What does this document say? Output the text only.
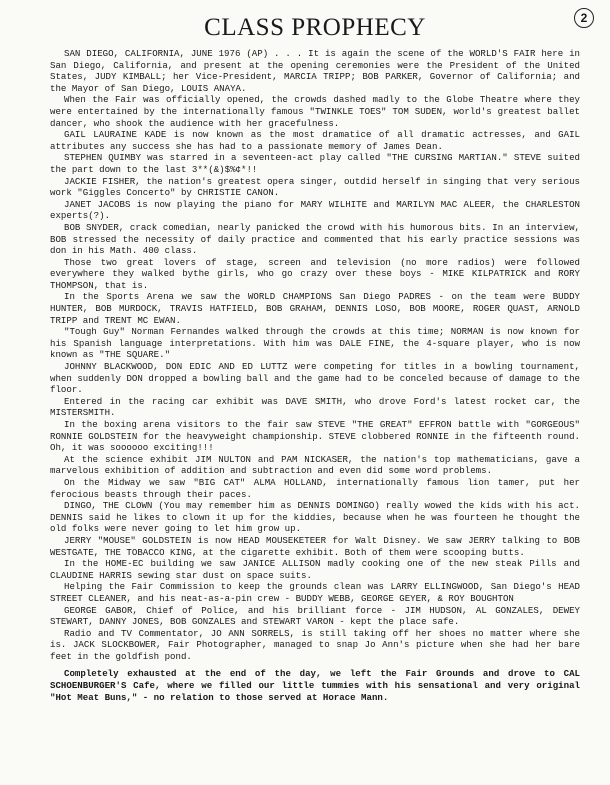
2
CLASS PROPHECY

SAN DIEGO, CALIFORNIA, JUNE 1976 (AP) . . . It is again the scene of the WORLD'S FAIR here in San Diego, California, and present at the opening ceremonies were the President of the United States, JUDY KIMBALL; her Vice-President, MARCIA TRIPP; BOB PARKER, Governor of California; and the Mayor of San Diego, LOUIS ANAYA.

When the Fair was officially opened, the crowds dashed madly to the Globe Theatre where they were entertained by the internationally famous "TWINKLE TOES" TOM SUDEN, world's greatest ballet dancer, who shook the audience with her gracefulness.

GAIL LAURAINE KADE is now known as the most dramatice of all dramatic actresses, and GAIL attributes any success she has had to a passionate memory of James Dean.

STEPHEN QUIMBY was starred in a seventeen-act play called "THE CURSING MARTIAN." STEVE suited the part down to the last 3**(&)$%¢*!!

JACKIE FISHER, the nation's greatest opera singer, outdid herself in singing that very serious work "Giggles Concerto" by CHRISTIE CANON.

JANET JACOBS is now playing the piano for MARY WILHITE and MARILYN MAC ALEER, the CHARLESTON experts(?).

BOB SNYDER, crack comedian, nearly panicked the crowd with his humorous bits. In an interview, BOB stressed the necessity of daily practice and commented that his early practice sessions was don in his Math. 400 class.

Those two great lovers of stage, screen and television (no more radios) were followed everywhere they walked bythe girls, who go crazy over these boys - MIKE KILPATRICK and RORY THOMPSON, that is.

In the Sports Arena we saw the WORLD CHAMPIONS San Diego PADRES - on the team were BUDDY HUNTER, BOB MURDOCK, TRAVIS HATFIELD, BOB GRAHAM, DENNIS LOSO, BOB MOORE, ROGER QUAST, ARNOLD TRIPP and TRENT MC EWAN.

"Tough Guy" Norman Fernandes walked through the crowds at this time; NORMAN is now known for his Spanish language interpretations. With him was DALE FINE, the 4-square player, who is now known as "THE SQUARE."

JOHNNY BLACKWOOD, DON EDIC AND ED LUTTZ were competing for titles in a bowling tournament, when suddenly DON dropped a bowling ball and the game had to be conceled because of damage to the floor.

Entered in the racing car exhibit was DAVE SMITH, who drove Ford's latest rocket car, the MISTERSMITH.

In the boxing arena visitors to the fair saw STEVE "THE GREAT" EFFRON battle with "GORGEOUS" RONNIE GOLDSTEIN for the heavyweight championship. STEVE clobbered RONNIE in the fifteenth round. Oh, it was soooooo exciting!!!

At the science exhibit JIM NULTON and PAM NICKASER, the nation's top mathematicians, gave a marvelous exhibition of addition and subtraction and even did some word problems.

On the Midway we saw "BIG CAT" ALMA HOLLAND, internationally famous lion tamer, put her ferocious beasts through their paces.

DINGO, THE CLOWN (You may remember him as DENNIS DOMINGO) really wowed the kids with his act. DENNIS said he likes to clown it up for the kiddies, because when he was fourteen he thought the old folks were never going to let him grow up.

JERRY "MOUSE" GOLDSTEIN is now HEAD MOUSEKETEER for Walt Disney. We saw JERRY talking to BOB WESTGATE, THE TOBACCO KING, at the cigarette exhibit. Both of them were scooping butts.

In the HOME-EC building we saw JANICE ALLISON madly cooking one of the new steak Pills and CLAUDINE HARRIS sewing star dust on space suits.

Helping the Fair Commission to keep the grounds clean was LARRY ELLINGWOOD, San Diego's HEAD STREET CLEANER, and his neat-as-a-pin crew - BUDDY WEBB, GEORGE GEYER, & ROY BOUGHTON

GEORGE GABOR, Chief of Police, and his brilliant force - JIM HUDSON, AL GONZALES, DEWEY STEWART, DANNY JONES, BOB GONZALES and STEWART VARON - kept the place safe.

Radio and TV Commentator, JO ANN SORRELS, is still taking off her shoes no matter where she is. JACK SLOCKBOWER, Fair Photographer, managed to snap Jo Ann's picture when she had her bare feet in the goldfish pond.

Completely exhausted at the end of the day, we left the Fair Grounds and drove to CAL SCHOENBURGER'S Cafe, where we filled our little tummies with his sensational and very original "Hot Meat Buns," - no relation to those served at Horace Mann.
